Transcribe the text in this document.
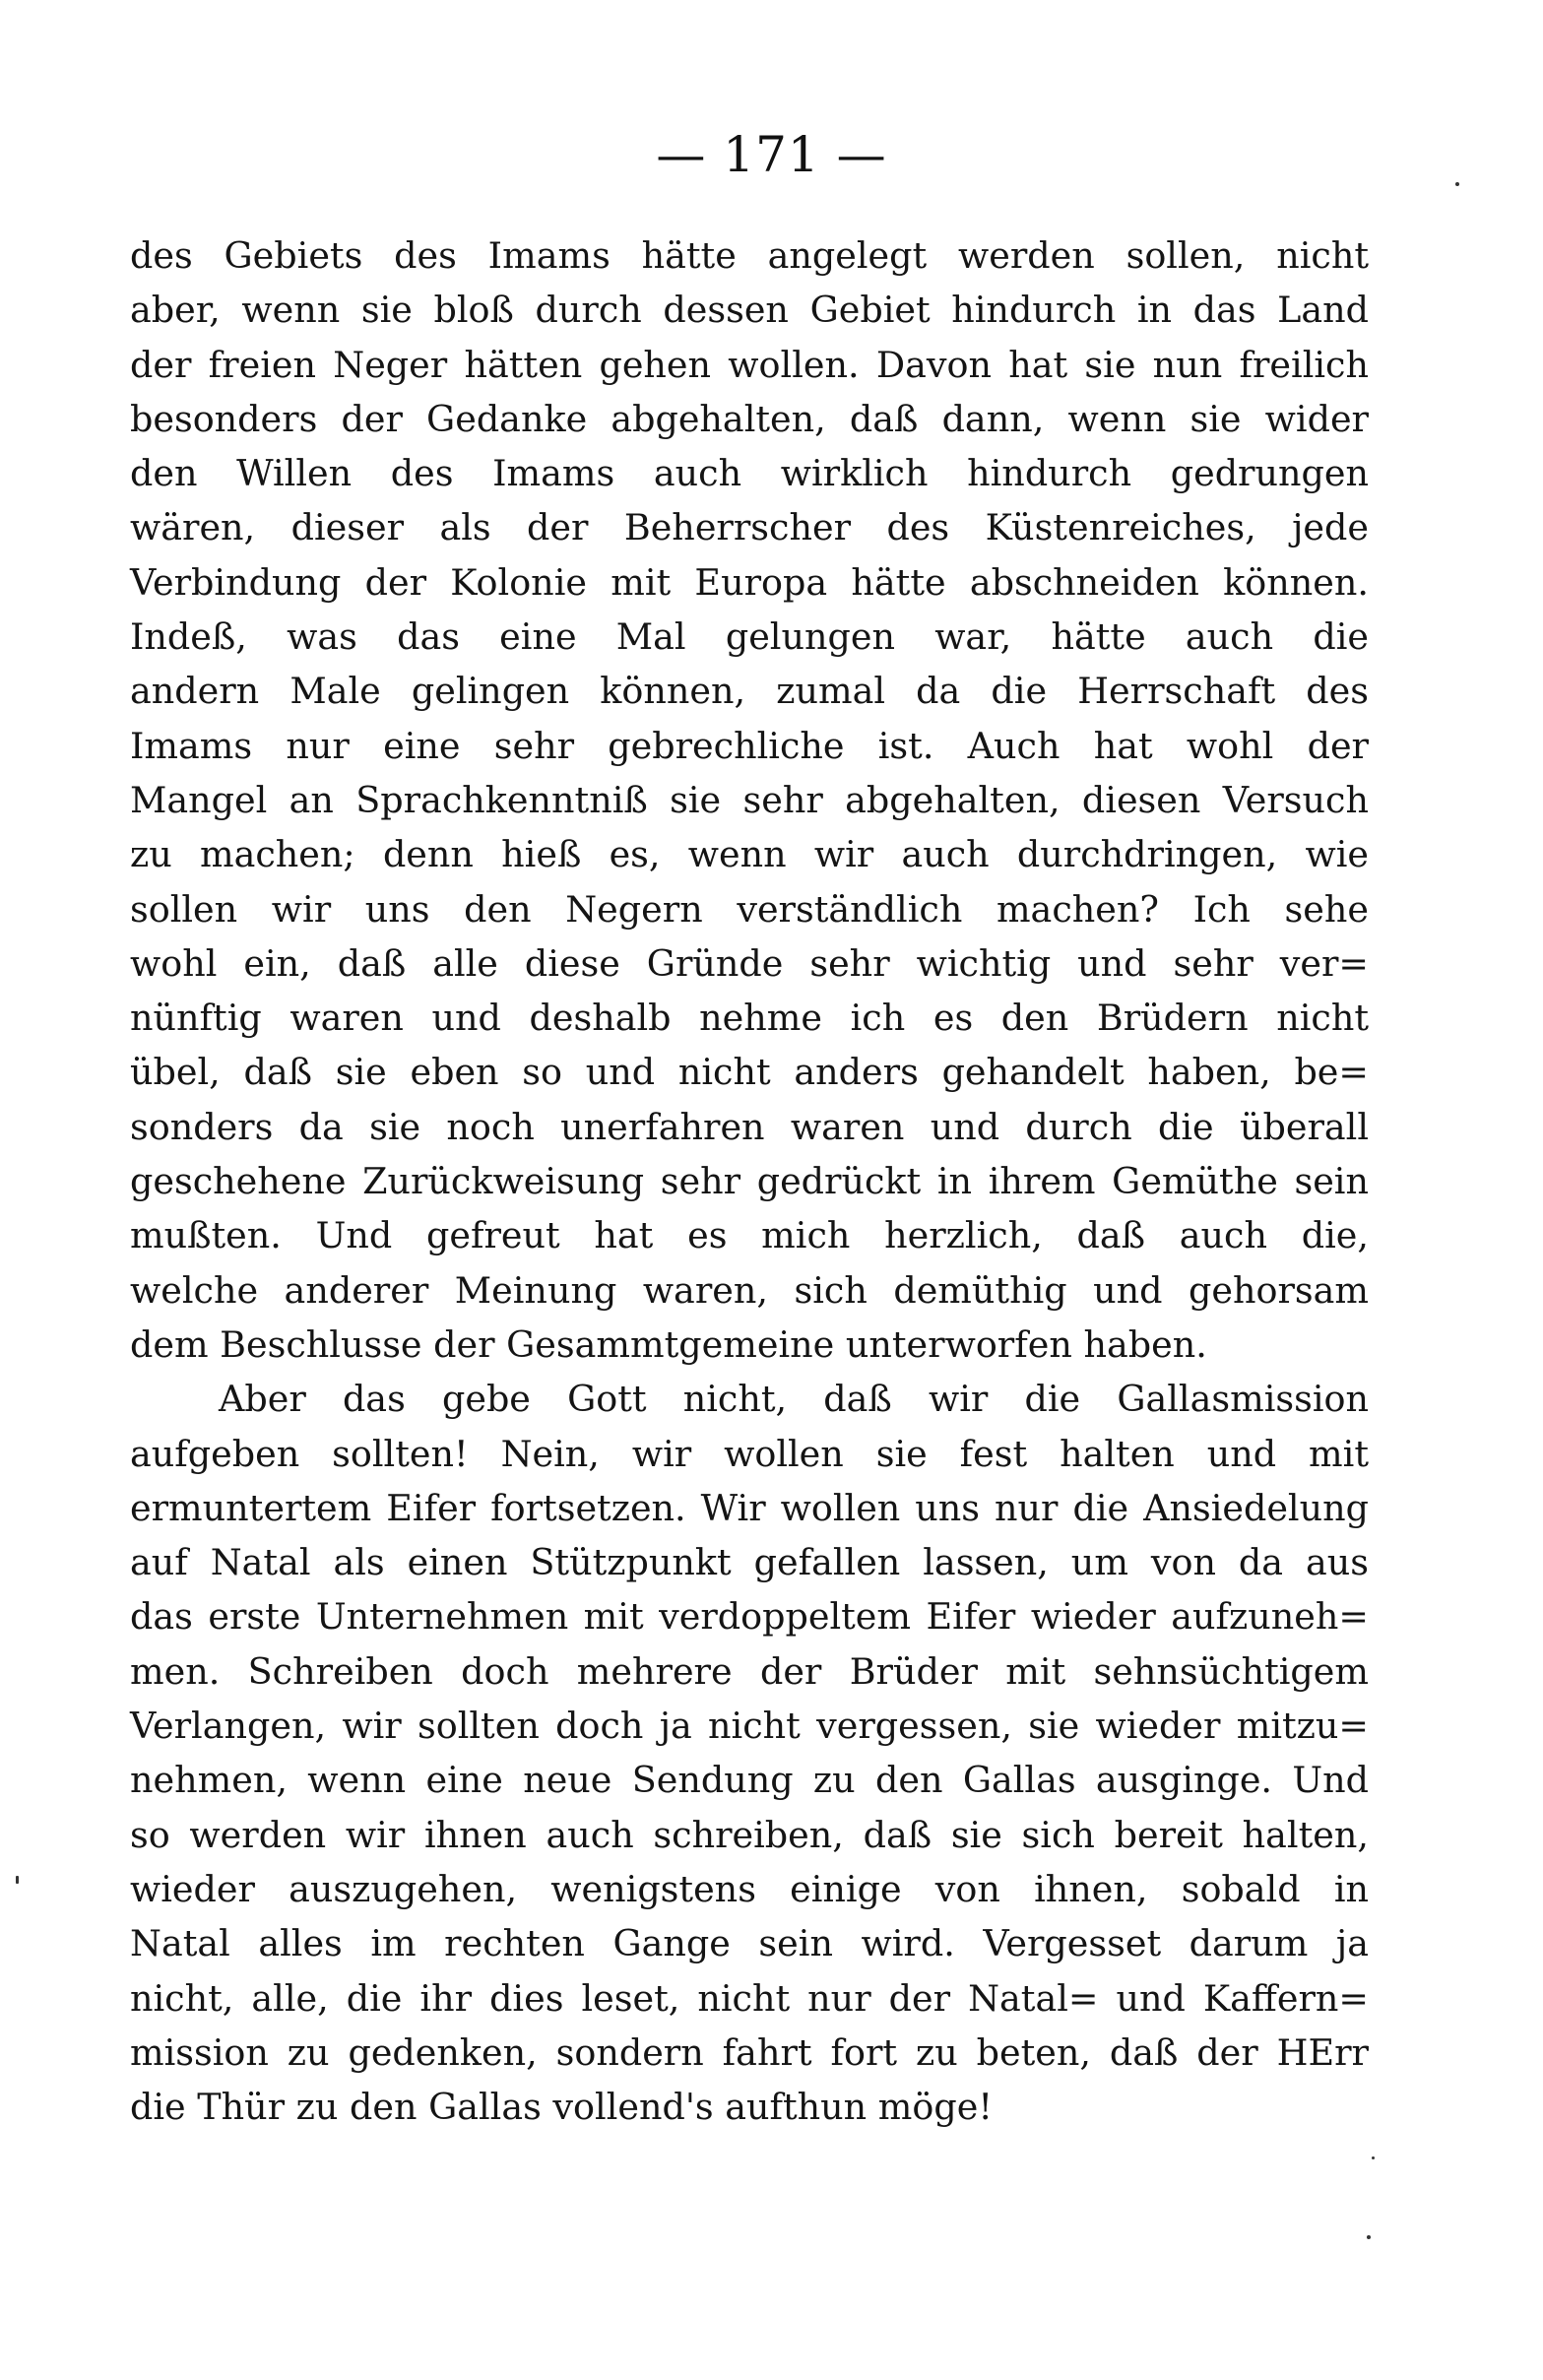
— 171 —
des Gebiets des Imams hätte angelegt werden sollen, nicht
aber, wenn sie bloß durch dessen Gebiet hindurch in das Land
der freien Neger hätten gehen wollen. Davon hat sie nun freilich
besonders der Gedanke abgehalten, daß dann, wenn sie wider
den Willen des Imams auch wirklich hindurch gedrungen
wären, dieser als der Beherrscher des Küstenreiches, jede
Verbindung der Kolonie mit Europa hätte abschneiden können.
Indeß, was das eine Mal gelungen war, hätte auch die
andern Male gelingen können, zumal da die Herrschaft des
Imams nur eine sehr gebrechliche ist. Auch hat wohl der
Mangel an Sprachkenntniß sie sehr abgehalten, diesen Versuch
zu machen; denn hieß es, wenn wir auch durchdringen, wie
sollen wir uns den Negern verständlich machen? Ich sehe
wohl ein, daß alle diese Gründe sehr wichtig und sehr ver=
nünftig waren und deshalb nehme ich es den Brüdern nicht
übel, daß sie eben so und nicht anders gehandelt haben, be=
sonders da sie noch unerfahren waren und durch die überall
geschehene Zurückweisung sehr gedrückt in ihrem Gemüthe sein
mußten. Und gefreut hat es mich herzlich, daß auch die,
welche anderer Meinung waren, sich demüthig und gehorsam
dem Beschlusse der Gesammtgemeine unterworfen haben.
Aber das gebe Gott nicht, daß wir die Gallasmission
aufgeben sollten! Nein, wir wollen sie fest halten und mit
ermuntertem Eifer fortsetzen. Wir wollen uns nur die Ansiedelung
auf Natal als einen Stützpunkt gefallen lassen, um von da aus
das erste Unternehmen mit verdoppeltem Eifer wieder aufzuneh=
men. Schreiben doch mehrere der Brüder mit sehnsüchtigem
Verlangen, wir sollten doch ja nicht vergessen, sie wieder mitzu=
nehmen, wenn eine neue Sendung zu den Gallas ausginge. Und
so werden wir ihnen auch schreiben, daß sie sich bereit halten,
wieder auszugehen, wenigstens einige von ihnen, sobald in
Natal alles im rechten Gange sein wird. Vergesset darum ja
nicht, alle, die ihr dies leset, nicht nur der Natal= und Kaffern=
mission zu gedenken, sondern fahrt fort zu beten, daß der HErr
die Thür zu den Gallas vollend's aufthun möge!
